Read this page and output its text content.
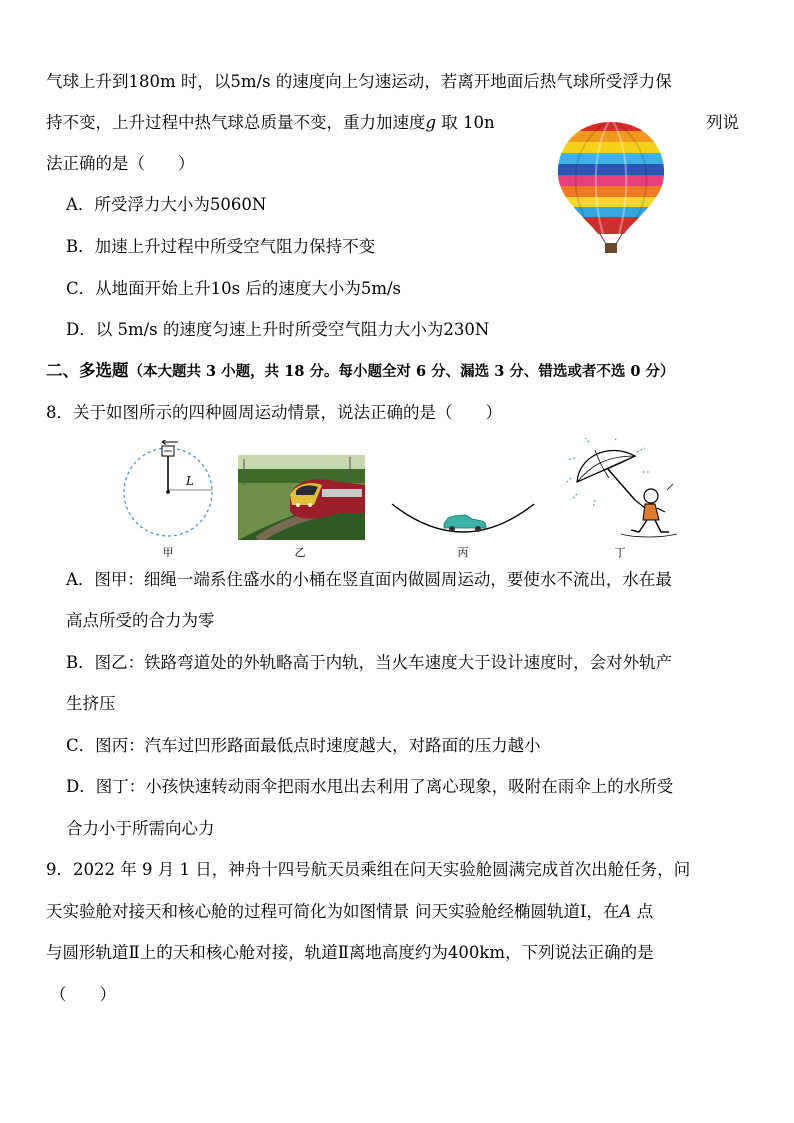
气球上升到180m 时，以5m/s 的速度向上匀速运动，若离开地面后热气球所受浮力保
持不变，上升过程中热气球总质量不变，重力加速度g 取 10n	列说
法正确的是（　　）
A．所受浮力大小为5060N
B．加速上升过程中所受空气阻力保持不变
C．从地面开始上升10s 后的速度大小为5m/s
D．以 5m/s 的速度匀速上升时所受空气阻力大小为230N
二、多选题（本大题共 3 小题，共 18 分。每小题全对 6 分、漏选 3 分、错选或者不选 0 分）
8．关于如图所示的四种圆周运动情景，说法正确的是（　　）
L
甲	乙	丙	丁
A．图甲：细绳一端系住盛水的小桶在竖直面内做圆周运动，要使水不流出，水在最
高点所受的合力为零
B．图乙：铁路弯道处的外轨略高于内轨，当火车速度大于设计速度时，会对外轨产
生挤压
C．图丙：汽车过凹形路面最低点时速度越大，对路面的压力越小
D．图丁：小孩快速转动雨伞把雨水甩出去利用了离心现象，吸附在雨伞上的水所受
合力小于所需向心力
9．2022 年 9 月 1 日，神舟十四号航天员乘组在问天实验舱圆满完成首次出舱任务，问
天实验舱对接天和核心舱的过程可简化为如图情景 问天实验舱经椭圆轨道Ⅰ，在A 点
与圆形轨道Ⅱ上的天和核心舱对接，轨道Ⅱ离地高度约为400km，下列说法正确的是
（　　）
